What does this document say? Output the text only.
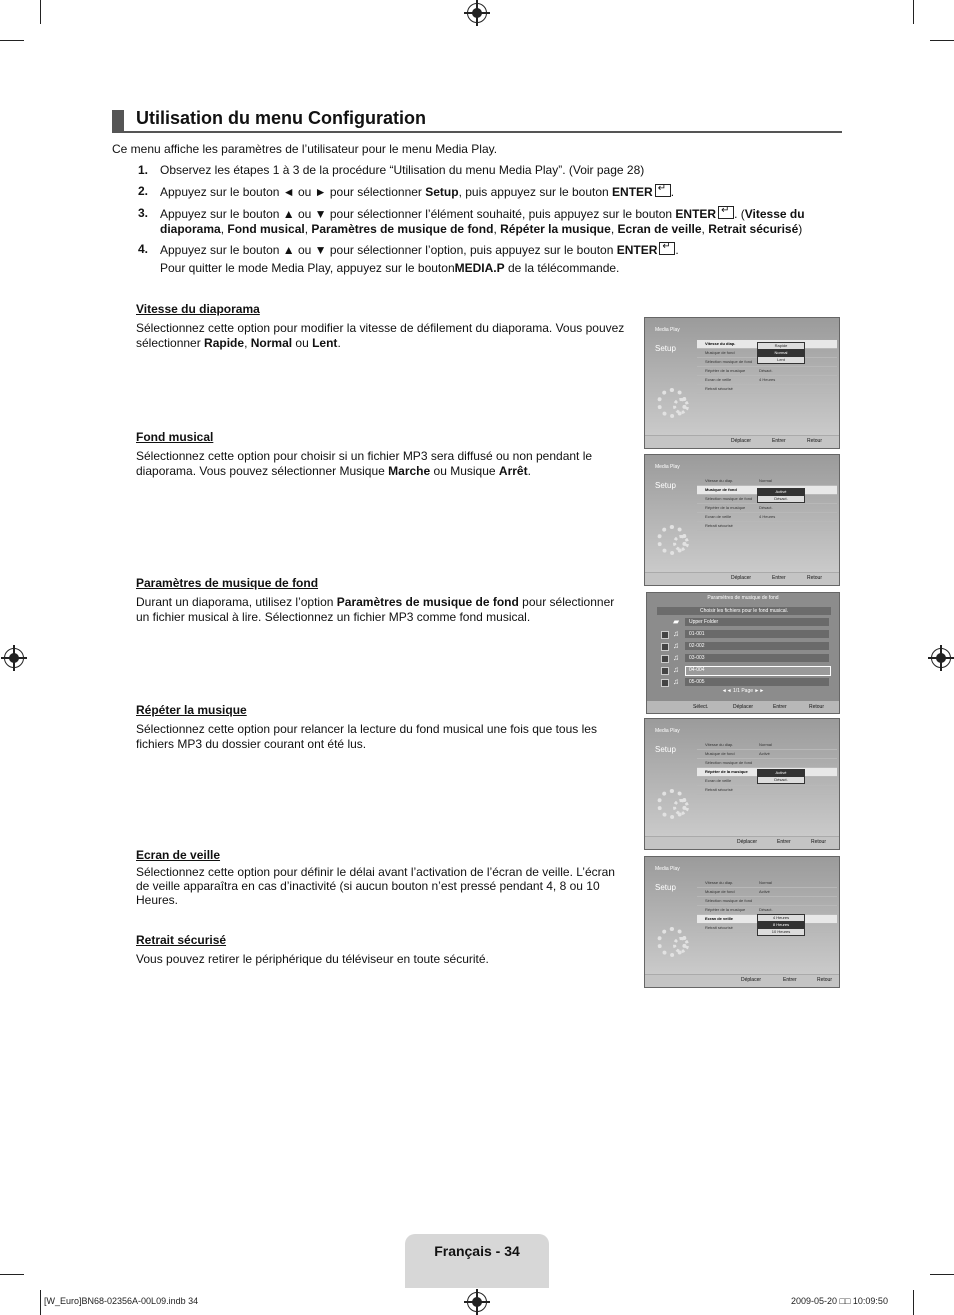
Utilisation du menu Configuration
Ce menu affiche les paramètres de l’utilisateur pour le menu Media Play.
1. Observez les étapes 1 à 3 de la procédure “Utilisation du menu Media Play”. (Voir page 28)
2. Appuyez sur le bouton ◄ ou ► pour sélectionner Setup, puis appuyez sur le bouton ENTER ↵ .
3. Appuyez sur le bouton ▲ ou ▼ pour sélectionner l’élément souhaité, puis appuyez sur le bouton ENTER ↵ . (Vitesse du diaporama, Fond musical, Paramètres de musique de fond, Répéter la musique, Ecran de veille, Retrait sécurisé)
4. Appuyez sur le bouton ▲ ou ▼ pour sélectionner l’option, puis appuyez sur le bouton ENTER ↵ .
Pour quitter le mode Media Play, appuyez sur le boutonMEDIA.P de la télécommande.
Vitesse du diaporama
Sélectionnez cette option pour modifier la vitesse de défilement du diaporama. Vous pouvez sélectionner Rapide, Normal ou Lent.
Fond musical
Sélectionnez cette option pour choisir si un fichier MP3 sera diffusé ou non pendant le diaporama. Vous pouvez sélectionner Musique Marche ou Musique Arrêt.
Paramètres de musique de fond
Durant un diaporama, utilisez l’option Paramètres de musique de fond pour sélectionner un fichier musical à lire. Sélectionnez un fichier MP3 comme fond musical.
Répéter la musique
Sélectionnez cette option pour relancer la lecture du fond musical une fois que tous les fichiers MP3 du dossier courant ont été lus.
Ecran de veille
Sélectionnez cette option pour définir le délai avant l’activation de l’écran de veille. L’écran de veille apparaîtra en cas d’inactivité (si aucun bouton n’est pressé pendant 4, 8 ou 10 Heures.
Retrait sécurisé
Vous pouvez retirer le périphérique du téléviseur en toute sécurité.
Media Play
Setup
Vitesse du diap.
Musique de fond
Sélection musique de fond
Répéter de la musique	Désact.
Ecran de veille	4 Heures
Retrait sécurisé
Rapide
Normal
Lent
Déplacer	Entrer	Retour
Media Play
Setup
Vitesse du diap.	Normal
Musique de fond
Sélection musique de fond
Répéter de la musique	Désact.
Ecran de veille	4 Heures
Retrait sécurisé
Activé
Désact.
Déplacer	Entrer	Retour
Paramètres de musique de fond
Choisir les fichiers pour le fond musical.
▰ Upper Folder
♫ 01-001
♫ 02-002
♫ 03-003
♫ 04-004
♫ 05-005
◄◄ 1/1 Page ►►
Sélect.	Déplacer	Entrer	Retour
Media Play
Setup
Vitesse du diap.	Normal
Musique de fond	Activé
Sélection musique de fond
Répéter de la musique
Ecran de veille
Retrait sécurisé
Activé
Désact.
Déplacer	Entrer	Retour
Media Play
Setup
Vitesse du diap.	Normal
Musique de fond	Activé
Sélection musique de fond
Répéter de la musique	Désact.
Ecran de veille
Retrait sécurisé
4 Heures
8 Heures
10 Heures
Déplacer	Entrer	Retour
Français - 34
[W_Euro]BN68-02356A-00L09.indb 34	2009-05-20 □□ 10:09:50
